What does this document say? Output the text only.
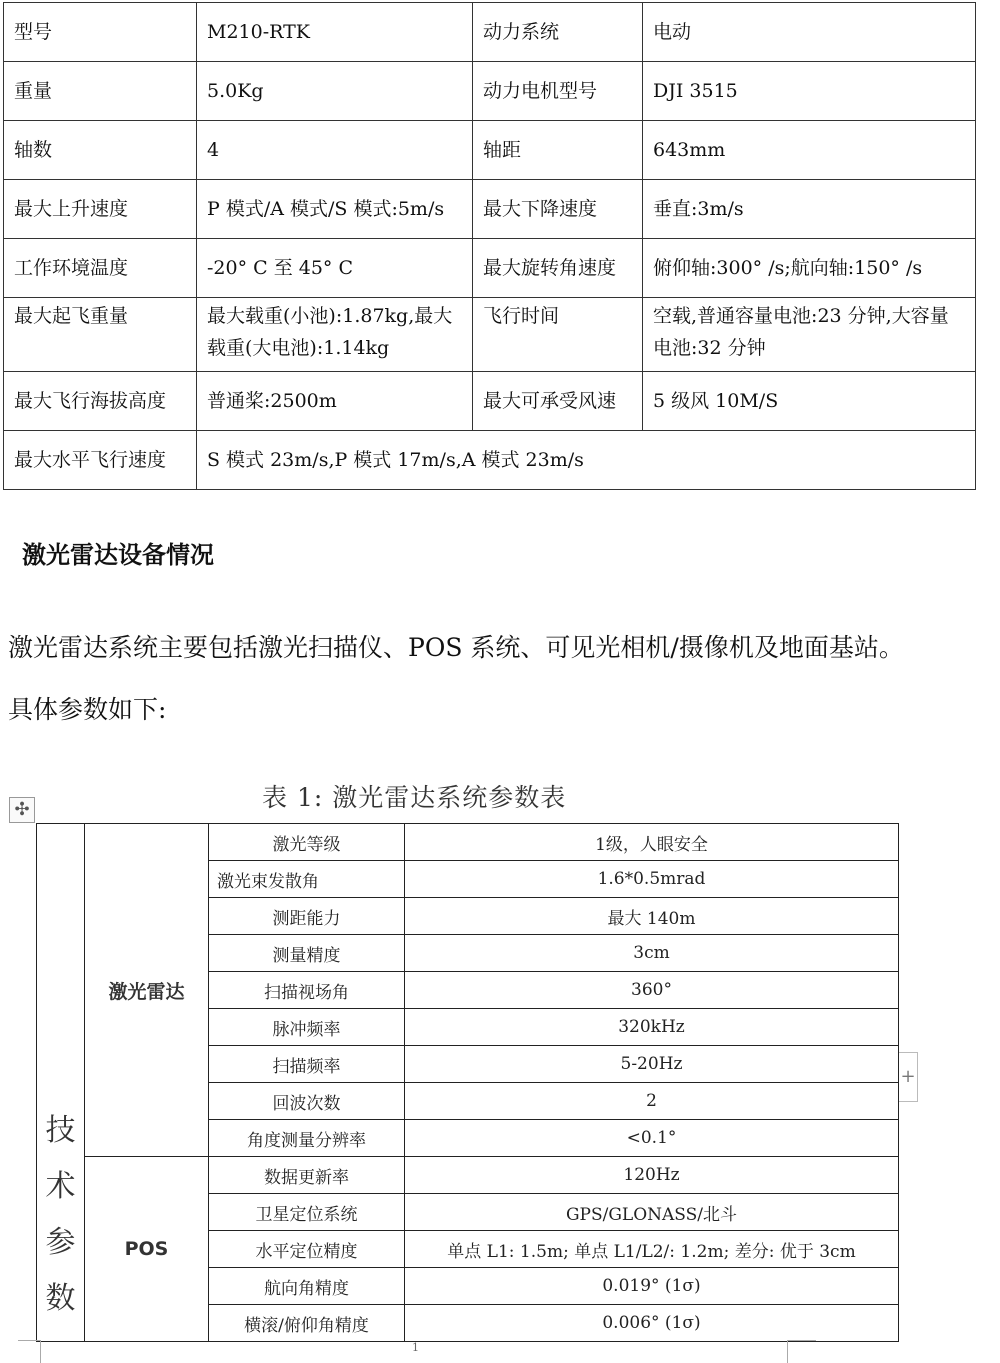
型号	M210-RTK	动力系统	电动
重量	5.0Kg	动力电机型号	DJI 3515
轴数	4	轴距	643mm
最大上升速度	P 模式/A 模式/S 模式:5m/s	最大下降速度	垂直:3m/s
工作环境温度	-20° C 至 45° C	最大旋转角速度	俯仰轴:300° /s;航向轴:150° /s
最大起飞重量	最大载重(小池):1.87kg,最大载重(大电池):1.14kg	飞行时间	空载,普通容量电池:23 分钟,大容量电池:32 分钟
最大飞行海拔高度	普通桨:2500m	最大可承受风速	5 级风 10M/S
最大水平飞行速度	S 模式 23m/s,P 模式 17m/s,A 模式 23m/s		
激光雷达设备情况

激光雷达系统主要包括激光扫描仪、POS 系统、可见光相机/摄像机及地面基站。

具体参数如下:

表 1: 激光雷达系统参数表

✣
+
技
术
参
数	激光雷达	激光等级	1级，人眼安全
		激光束发散角	1.6*0.5mrad
		测距能力	最大 140m
		测量精度	3cm
		扫描视场角	360°
		脉冲频率	320kHz
		扫描频率	5-20Hz
		回波次数	2
		角度测量分辨率	<0.1°
	POS	数据更新率	120Hz
		卫星定位系统	GPS/GLONASS/北斗
		水平定位精度	单点 L1: 1.5m; 单点 L1/L2/: 1.2m; 差分: 优于 3cm
		航向角精度	0.019° (1σ)
		横滚/俯仰角精度	0.006° (1σ)
1
